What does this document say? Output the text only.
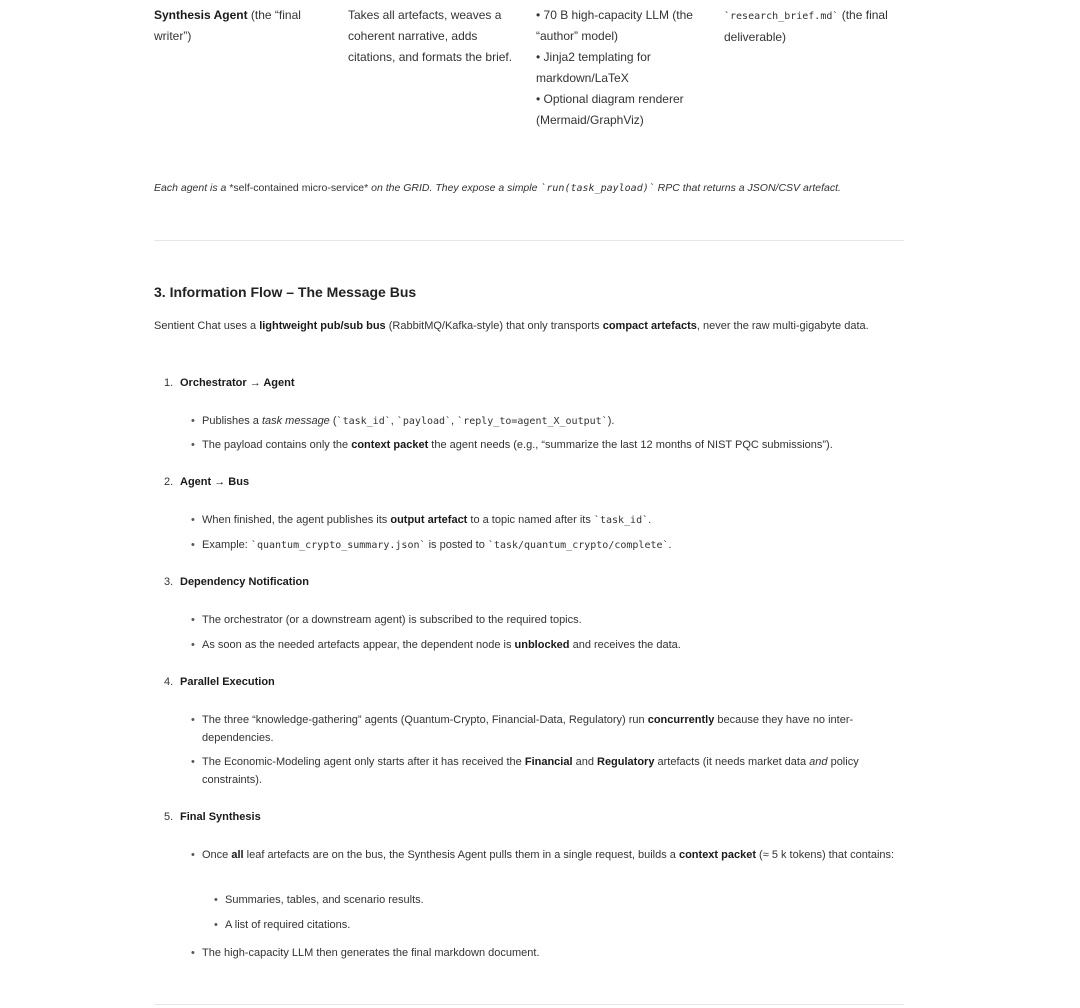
Synthesis Agent (the “final writer”)
Takes all artefacts, weaves a coherent narrative, adds citations, and formats the brief.
• 70 B high-capacity LLM (the “author” model)
• Jinja2 templating for markdown/LaTeX
• Optional diagram renderer (Mermaid/GraphViz)
`research_brief.md` (the final deliverable)
Each agent is a *self-contained micro-service* on the GRID. They expose a simple `run(task_payload)` RPC that returns a JSON/CSV artefact.
3. Information Flow – The Message Bus
Sentient Chat uses a lightweight pub/sub bus (RabbitMQ/Kafka-style) that only transports compact artefacts, never the raw multi-gigabyte data.
1. Orchestrator → Agent
• Publishes a task message (`task_id`, `payload`, `reply_to=agent_X_output`).
• The payload contains only the context packet the agent needs (e.g., “summarize the last 12 months of NIST PQC submissions”).
2. Agent → Bus
• When finished, the agent publishes its output artefact to a topic named after its `task_id`.
• Example: `quantum_crypto_summary.json` is posted to `task/quantum_crypto/complete`.
3. Dependency Notification
• The orchestrator (or a downstream agent) is subscribed to the required topics.
• As soon as the needed artefacts appear, the dependent node is unblocked and receives the data.
4. Parallel Execution
• The three “knowledge-gathering” agents (Quantum-Crypto, Financial-Data, Regulatory) run concurrently because they have no inter-dependencies.
• The Economic-Modeling agent only starts after it has received the Financial and Regulatory artefacts (it needs market data and policy constraints).
5. Final Synthesis
• Once all leaf artefacts are on the bus, the Synthesis Agent pulls them in a single request, builds a context packet (≈ 5 k tokens) that contains:
• Summaries, tables, and scenario results.
• A list of required citations.
• The high-capacity LLM then generates the final markdown document.
